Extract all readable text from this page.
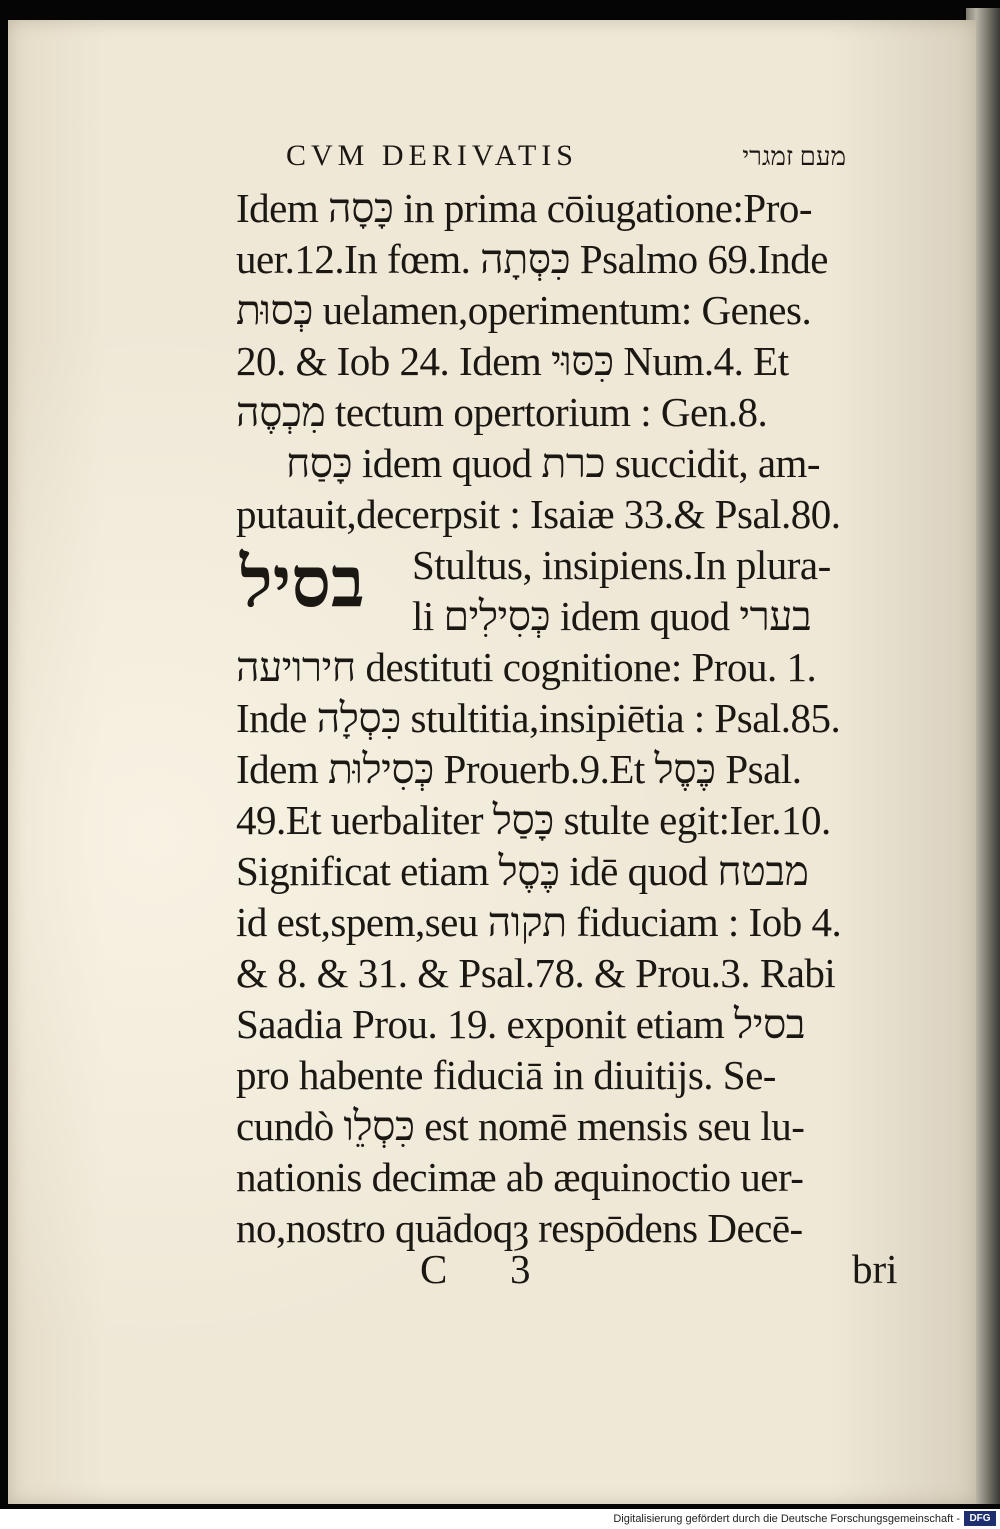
CVM DERIVATIS	מעם זמגרי
Idem כָּסָה in prima cōiugatione:Pro-
uer.12.In fœm. כִּסְּתָה Psalmo 69.Inde
כְּסוּת uelamen,operimentum: Genes.
20. & Iob 24. Idem כִּסּוּי Num.4. Et
מִכְסֶה tectum opertorium : Gen.8.
כָּסַח idem quod כרת succidit, am-
putauit,decerpsit : Isaiæ 33.& Psal.80.
Stultus, insipiens.In plura-
li כְּסִילִים idem quod בערי
חירויעה destituti cognitione: Prou. 1.
Inde כִּסְלָה stultitia,insipiētia : Psal.85.
Idem כְּסִילוּת Prouerb.9.Et כֶּסֶל Psal.
49.Et uerbaliter כָּסַל stulte egit:Ier.10.
Significat etiam כֶּסֶל idē quod מבטח
id est,spem,seu תקוה fiduciam : Iob 4.
& 8. & 31. & Psal.78. & Prou.3. Rabi
Saadia Prou. 19. exponit etiam בסיל
pro habente fiduciā in diuitijs. Se-
cundò כִּסְלֵו est nomē mensis seu lu-
nationis decimæ ab æquinoctio uer-
no,nostro quādoqȝ respōdens Decē-
בסיל
C 3	bri
Digitalisierung gefördert durch die Deutsche Forschungsgemeinschaft - DFG
